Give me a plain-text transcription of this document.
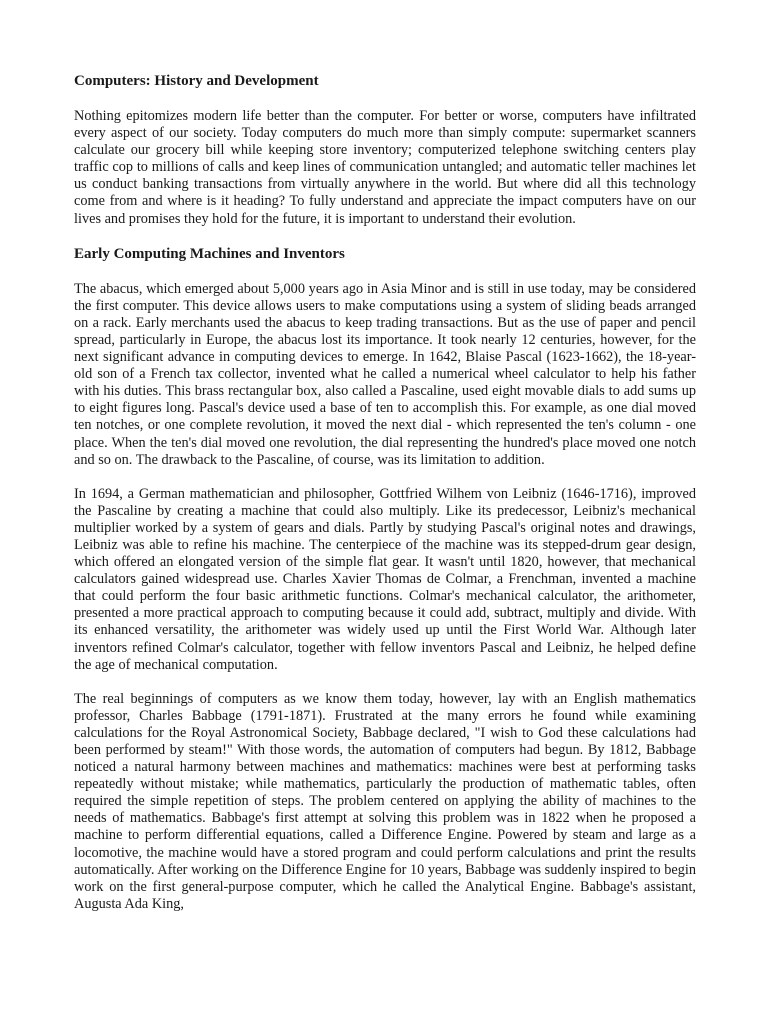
Computers: History and Development

Nothing epitomizes modern life better than the computer. For better or worse, computers have infiltrated every aspect of our society. Today computers do much more than simply compute: supermarket scanners calculate our grocery bill while keeping store inventory; computerized telephone switching centers play traffic cop to millions of calls and keep lines of communication untangled; and automatic teller machines let us conduct banking transactions from virtually anywhere in the world. But where did all this technology come from and where is it heading? To fully understand and appreciate the impact computers have on our lives and promises they hold for the future, it is important to understand their evolution.

Early Computing Machines and Inventors

The abacus, which emerged about 5,000 years ago in Asia Minor and is still in use today, may be considered the first computer. This device allows users to make computations using a system of sliding beads arranged on a rack. Early merchants used the abacus to keep trading transactions. But as the use of paper and pencil spread, particularly in Europe, the abacus lost its importance. It took nearly 12 centuries, however, for the next significant advance in computing devices to emerge. In 1642, Blaise Pascal (1623-1662), the 18-year-old son of a French tax collector, invented what he called a numerical wheel calculator to help his father with his duties. This brass rectangular box, also called a Pascaline, used eight movable dials to add sums up to eight figures long. Pascal's device used a base of ten to accomplish this. For example, as one dial moved ten notches, or one complete revolution, it moved the next dial - which represented the ten's column - one place. When the ten's dial moved one revolution, the dial representing the hundred's place moved one notch and so on. The drawback to the Pascaline, of course, was its limitation to addition.

In 1694, a German mathematician and philosopher, Gottfried Wilhem von Leibniz (1646-1716), improved the Pascaline by creating a machine that could also multiply. Like its predecessor, Leibniz's mechanical multiplier worked by a system of gears and dials. Partly by studying Pascal's original notes and drawings, Leibniz was able to refine his machine. The centerpiece of the machine was its stepped-drum gear design, which offered an elongated version of the simple flat gear. It wasn't until 1820, however, that mechanical calculators gained widespread use. Charles Xavier Thomas de Colmar, a Frenchman, invented a machine that could perform the four basic arithmetic functions. Colmar's mechanical calculator, the arithometer, presented a more practical approach to computing because it could add, subtract, multiply and divide. With its enhanced versatility, the arithometer was widely used up until the First World War. Although later inventors refined Colmar's calculator, together with fellow inventors Pascal and Leibniz, he helped define the age of mechanical computation.

The real beginnings of computers as we know them today, however, lay with an English mathematics professor, Charles Babbage (1791-1871). Frustrated at the many errors he found while examining calculations for the Royal Astronomical Society, Babbage declared, "I wish to God these calculations had been performed by steam!" With those words, the automation of computers had begun. By 1812, Babbage noticed a natural harmony between machines and mathematics: machines were best at performing tasks repeatedly without mistake; while mathematics, particularly the production of mathematic tables, often required the simple repetition of steps. The problem centered on applying the ability of machines to the needs of mathematics. Babbage's first attempt at solving this problem was in 1822 when he proposed a machine to perform differential equations, called a Difference Engine. Powered by steam and large as a locomotive, the machine would have a stored program and could perform calculations and print the results automatically. After working on the Difference Engine for 10 years, Babbage was suddenly inspired to begin work on the first general-purpose computer, which he called the Analytical Engine. Babbage's assistant, Augusta Ada King,
